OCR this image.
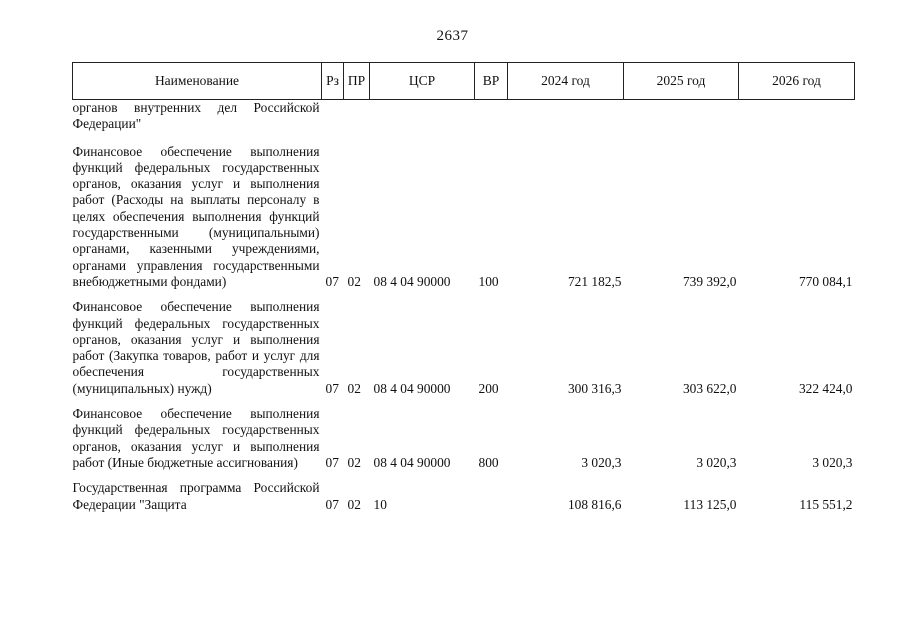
2637
Наименование	Рз	ПР	ЦСР	ВР	2024 год	2025 год	2026 год
органов внутренних дел Российской Федерации"							
Финансовое обеспечение выполнения функций федеральных государственных органов, оказания услуг и выполнения работ (Расходы на выплаты персоналу в целях обеспечения выполнения функций государственными (муниципальными) органами, казенными учреждениями, органами управления государственными внебюджетными фондами)	07	02	08 4 04 90000	100	721 182,5	739 392,0	770 084,1
Финансовое обеспечение выполнения функций федеральных государственных органов, оказания услуг и выполнения работ (Закупка товаров, работ и услуг для обеспечения государственных (муниципальных) нужд)	07	02	08 4 04 90000	200	300 316,3	303 622,0	322 424,0
Финансовое обеспечение выполнения функций федеральных государственных органов, оказания услуг и выполнения работ (Иные бюджетные ассигнования)	07	02	08 4 04 90000	800	3 020,3	3 020,3	3 020,3
Государственная программа Российской Федерации "Защита	07	02	10		108 816,6	113 125,0	115 551,2
